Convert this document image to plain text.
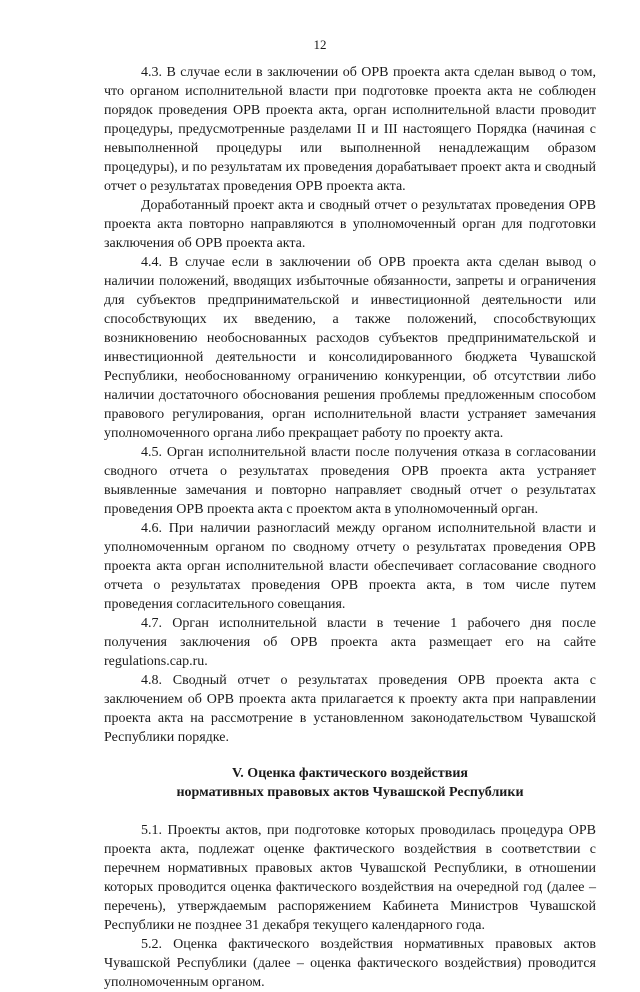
12

4.3. В случае если в заключении об ОРВ проекта акта сделан вывод о том, что органом исполнительной власти при подготовке проекта акта не соблюден порядок проведения ОРВ проекта акта, орган исполнительной власти проводит процедуры, предусмотренные разделами II и III настоящего Порядка (начиная с невыполненной процедуры или выполненной ненадлежащим образом процедуры), и по результатам их проведения дорабатывает проект акта и сводный отчет о результатах проведения ОРВ проекта акта.

Доработанный проект акта и сводный отчет о результатах проведения ОРВ проекта акта повторно направляются в уполномоченный орган для подготовки заключения об ОРВ проекта акта.

4.4. В случае если в заключении об ОРВ проекта акта сделан вывод о наличии положений, вводящих избыточные обязанности, запреты и ограничения для субъектов предпринимательской и инвестиционной деятельности или способствующих их введению, а также положений, способствующих возникновению необоснованных расходов субъектов предпринимательской и инвестиционной деятельности и консолидированного бюджета Чувашской Республики, необоснованному ограничению конкуренции, об отсутствии либо наличии достаточного обоснования решения проблемы предложенным способом правового регулирования, орган исполнительной власти устраняет замечания уполномоченного органа либо прекращает работу по проекту акта.

4.5. Орган исполнительной власти после получения отказа в согласовании сводного отчета о результатах проведения ОРВ проекта акта устраняет выявленные замечания и повторно направляет сводный отчет о результатах проведения ОРВ проекта акта с проектом акта в уполномоченный орган.

4.6. При наличии разногласий между органом исполнительной власти и уполномоченным органом по сводному отчету о результатах проведения ОРВ проекта акта орган исполнительной власти обеспечивает согласование сводного отчета о результатах проведения ОРВ проекта акта, в том числе путем проведения согласительного совещания.

4.7. Орган исполнительной власти в течение 1 рабочего дня после получения заключения об ОРВ проекта акта размещает его на сайте regulations.cap.ru.

4.8. Сводный отчет о результатах проведения ОРВ проекта акта с заключением об ОРВ проекта акта прилагается к проекту акта при направлении проекта акта на рассмотрение в установленном законодательством Чувашской Республики порядке.

V. Оценка фактического воздействия
нормативных правовых актов Чувашской Республики

5.1. Проекты актов, при подготовке которых проводилась процедура ОРВ проекта акта, подлежат оценке фактического воздействия в соответствии с перечнем нормативных правовых актов Чувашской Республики, в отношении которых проводится оценка фактического воздействия на очередной год (далее – перечень), утверждаемым распоряжением Кабинета Министров Чувашской Республики не позднее 31 декабря текущего календарного года.

5.2. Оценка фактического воздействия нормативных правовых актов Чувашской Республики (далее – оценка фактического воздействия) проводится уполномоченным органом.
